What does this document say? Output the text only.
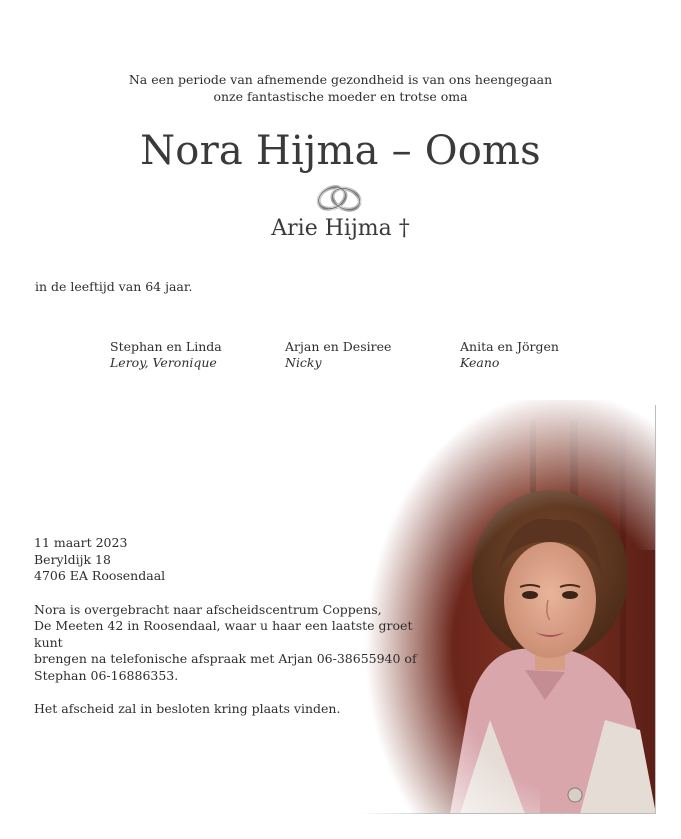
Na een periode van afnemende gezondheid is van ons heengegaan
onze fantastische moeder en trotse oma
Nora Hijma – Ooms
Arie Hijma †
in de leeftijd van 64 jaar.
Stephan en Linda
Leroy, Veronique
Arjan en Desiree
Nicky
Anita en Jörgen
Keano

11 maart 2023
Beryldijk 18
4706 EA Roosendaal

Nora is overgebracht naar afscheidscentrum Coppens,
De Meeten 42 in Roosendaal, waar u haar een laatste groet kunt
brengen na telefonische afspraak met Arjan 06-38655940 of
Stephan 06-16886353.

Het afscheid zal in besloten kring plaats vinden.
